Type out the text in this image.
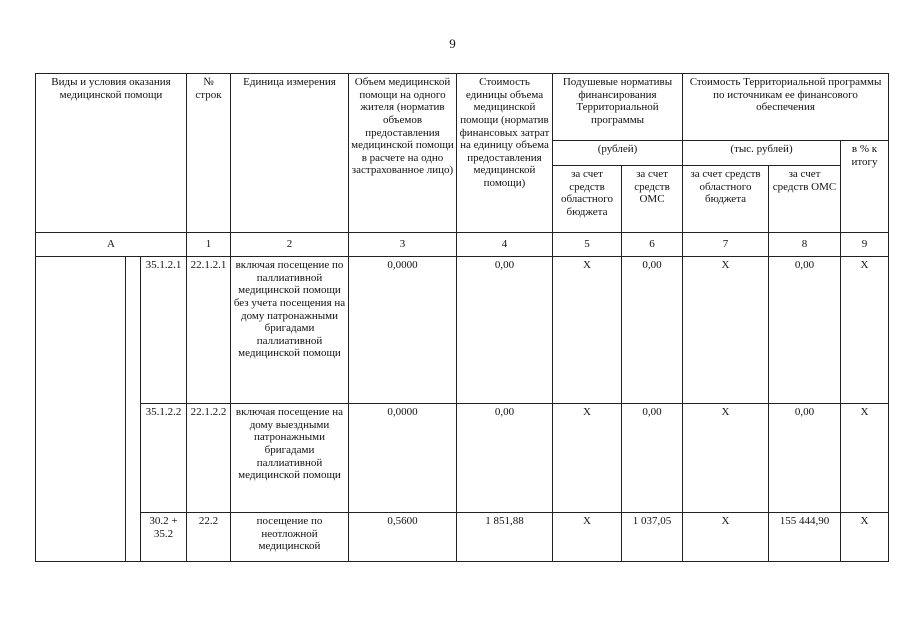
9
Виды и условия оказания медицинской помощи			№ строк	Единица измерения	Объем медицинской помощи на одного жителя (норматив объемов предоставления медицинской помощи в расчете на одно застрахованное лицо)	Стоимость единицы объема медицинской помощи (норматив финансовых затрат на единицу объема предоставления медицинской помощи)	Подушевые нормативы финансирования Территориальной программы		Стоимость Территориальной программы по источникам ее финансового обеспечения		
							(рублей)		(тыс. рублей)		в % к итогу
							за счет средств областного бюджета	за счет средств ОМС	за счет средств областного бюджета	за счет средств ОМС	
А			1	2	3	4	5	6	7	8	9
		35.1.2.1	22.1.2.1	включая посещение по паллиативной медицинской помощи без учета посещения на дому патронажными бригадами паллиативной медицинской помощи	0,0000	0,00	Х	0,00	Х	0,00	Х
		35.1.2.2	22.1.2.2	включая посещение на дому выездными патронажными бригадами паллиативной медицинской помощи	0,0000	0,00	Х	0,00	Х	0,00	Х
		30.2 + 35.2	22.2	посещение по неотложной медицинской	0,5600	1 851,88	Х	1 037,05	Х	155 444,90	Х
